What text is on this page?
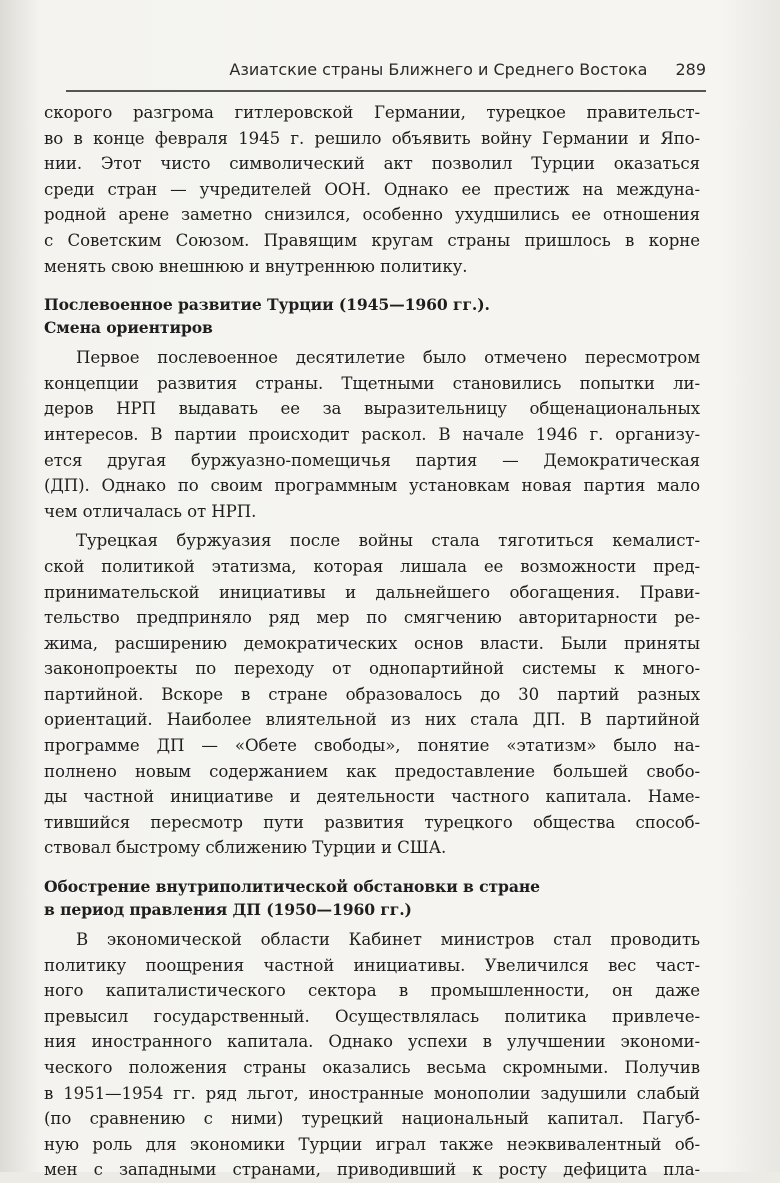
Азиатские страны Ближнего и Среднего Востока 289

скорого разгрома гитлеровской Германии, турецкое правительст-

во в конце февраля 1945 г. решило объявить войну Германии и Япо-

нии. Этот чисто символический акт позволил Турции оказаться

среди стран — учредителей ООН. Однако ее престиж на междуна-

родной арене заметно снизился, особенно ухудшились ее отношения

с Советским Союзом. Правящим кругам страны пришлось в корне

менять свою внешнюю и внутреннюю политику.

Послевоенное развитие Турции (1945—1960 гг.).

Смена ориентиров

Первое послевоенное десятилетие было отмечено пересмотром

концепции развития страны. Тщетными становились попытки ли-

деров НРП выдавать ее за выразительницу общенациональных

интересов. В партии происходит раскол. В начале 1946 г. организу-

ется другая буржуазно-помещичья партия — Демократическая

(ДП). Однако по своим программным установкам новая партия мало

чем отличалась от НРП.

Турецкая буржуазия после войны стала тяготиться кемалист-

ской политикой этатизма, которая лишала ее возможности пред-

принимательской инициативы и дальнейшего обогащения. Прави-

тельство предприняло ряд мер по смягчению авторитарности ре-

жима, расширению демократических основ власти. Были приняты

законопроекты по переходу от однопартийной системы к много-

партийной. Вскоре в стране образовалось до 30 партий разных

ориентаций. Наиболее влиятельной из них стала ДП. В партийной

программе ДП — «Обете свободы», понятие «этатизм» было на-

полнено новым содержанием как предоставление большей свобо-

ды частной инициативе и деятельности частного капитала. Наме-

тившийся пересмотр пути развития турецкого общества способ-

ствовал быстрому сближению Турции и США.

Обострение внутриполитической обстановки в стране

в период правления ДП (1950—1960 гг.)

В экономической области Кабинет министров стал проводить

политику поощрения частной инициативы. Увеличился вес част-

ного капиталистического сектора в промышленности, он даже

превысил государственный. Осуществлялась политика привлече-

ния иностранного капитала. Однако успехи в улучшении экономи-

ческого положения страны оказались весьма скромными. Получив

в 1951—1954 гг. ряд льгот, иностранные монополии задушили слабый

(по сравнению с ними) турецкий национальный капитал. Пагуб-

ную роль для экономики Турции играл также неэквивалентный об-

мен с западными странами, приводивший к росту дефицита пла-
